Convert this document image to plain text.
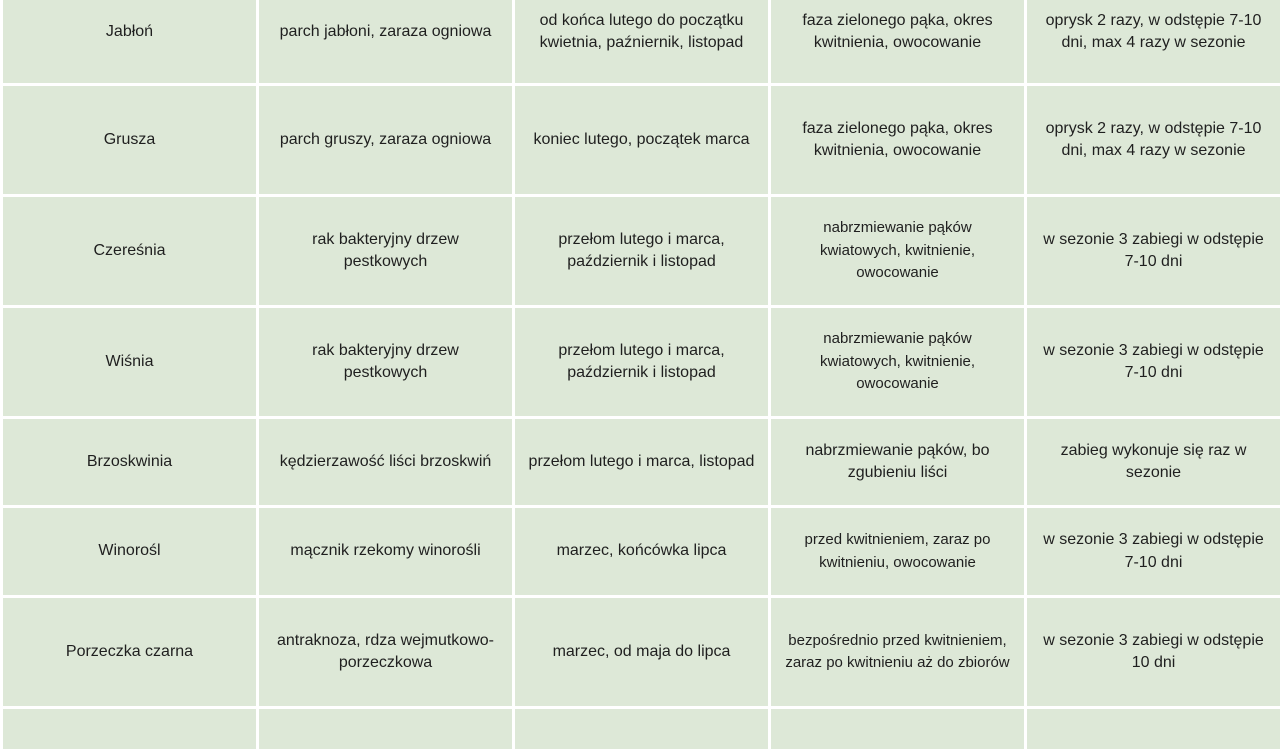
Jabłoń	parch jabłoni, zaraza ogniowa	od końca lutego do początku kwietnia, paźniernik, listopad	faza zielonego pąka, okres kwitnienia, owocowanie	oprysk 2 razy, w odstępie 7-10 dni, max 4 razy w sezonie
Grusza	parch gruszy, zaraza ogniowa	koniec lutego, początek marca	faza zielonego pąka, okres kwitnienia, owocowanie	oprysk 2 razy, w odstępie 7-10 dni, max 4 razy w sezonie
Czereśnia	rak bakteryjny drzew pestkowych	przełom lutego i marca, październik i listopad	nabrzmiewanie pąków kwiatowych, kwitnienie, owocowanie	w sezonie 3 zabiegi w odstępie 7-10 dni
Wiśnia	rak bakteryjny drzew pestkowych	przełom lutego i marca, październik i listopad	nabrzmiewanie pąków kwiatowych, kwitnienie, owocowanie	w sezonie 3 zabiegi w odstępie 7-10 dni
Brzoskwinia	kędzierzawość liści brzoskwiń	przełom lutego i marca, listopad	nabrzmiewanie pąków, bo zgubieniu liści	zabieg wykonuje się raz w sezonie
Winorośl	mącznik rzekomy winorośli	marzec, końcówka lipca	przed kwitnieniem, zaraz po kwitnieniu, owocowanie	w sezonie 3 zabiegi w odstępie 7-10 dni
Porzeczka czarna	antraknoza, rdza wejmutkowo-porzeczkowa	marzec, od maja do lipca	bezpośrednio przed kwitnieniem, zaraz po kwitnieniu aż do zbiorów	w sezonie 3 zabiegi w odstępie 10 dni
